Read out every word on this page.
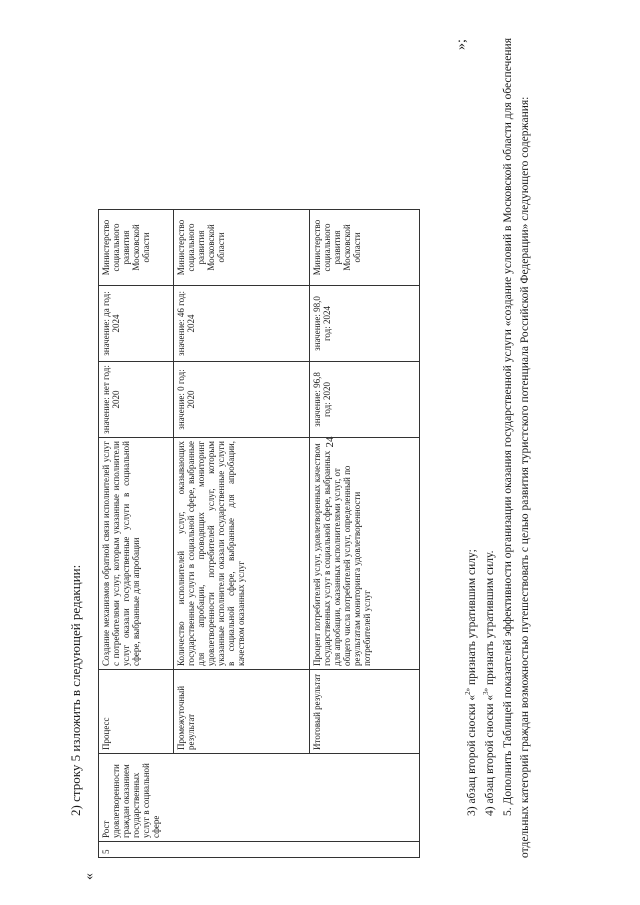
24

2) строку 5 изложить в следующей редакции:

«
5	Рост удовлетворенности граждан оказанием государственных услуг в социальной сфере	Процесс	Создание механизмов обратной связи исполнителей услуг с потребителями услуг, которым указанные исполнители услуг оказали государственные услуги в социальной сфере, выбранные для апробации	значение: нет год: 2020	значение: да год: 2024	Министерство социального развития Московской области
		Промежуточный результат	Количество исполнителей услуг, оказывающих государственные услуги в социальной сфере, выбранные для апробации, проводящих мониторинг удовлетворенности потребителей услуг, которым указанные исполнители оказали государственные услуги в социальной сфере, выбранные для апробации, качеством оказанных услуг	значение: 0 год: 2020	значение: 46 год: 2024	Министерство социального развития Московской области
		Итоговый результат	Процент потребителей услуг, удовлетворенных качеством государственных услуг в социальной сфере, выбранных для апробации, оказанных исполнителями услуг, от общего числа потребителей услуг, определенный по результатам мониторинга удовлетворенности потребителей услуг	значение: 96,8 год: 2020	значение: 98,0 год: 2024	Министерство социального развития Московской области
»;

3) абзац второй сноски «$^{2»}$ признать утратившим силу;

4) абзац второй сноски «$^{3»}$ признать утратившим силу. 5. Дополнить Таблицей показателей эффективности организации оказания государственной услуги «создание условий в Московской области для обеспечения отдельных категорий граждан возможностью путешествовать с целью развития туристского потенциала Российской Федерации» следующего содержания:
